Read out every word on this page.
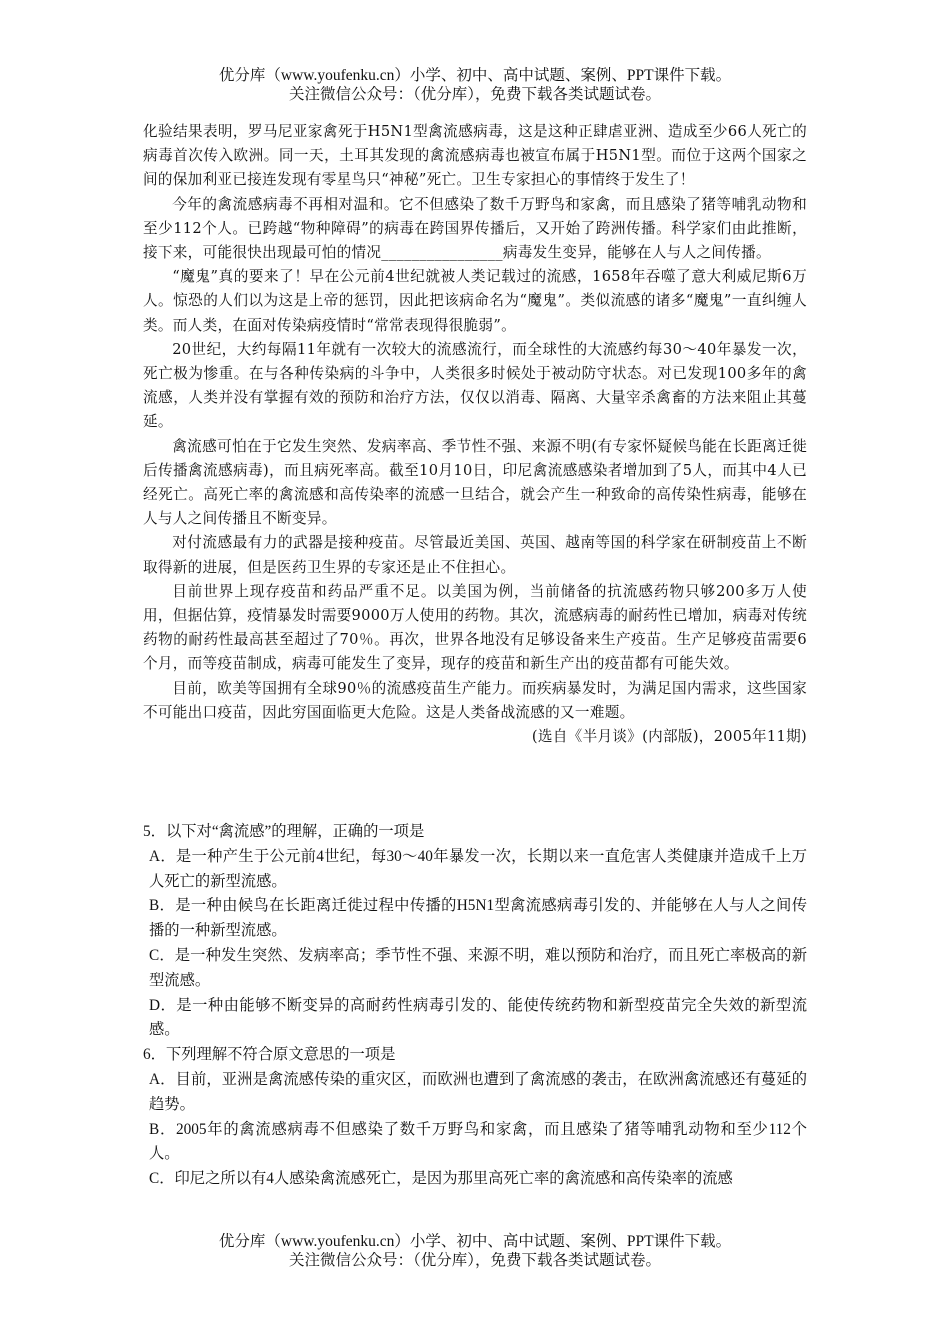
优分库（www.youfenku.cn）小学、初中、高中试题、案例、PPT课件下载。
关注微信公众号：（优分库），免费下载各类试题试卷。

化验结果表明，罗马尼亚家禽死于H5N1型禽流感病毒，这是这种正肆虐亚洲、造成至少66人死亡的病毒首次传入欧洲。同一天，土耳其发现的禽流感病毒也被宣布属于H5N1型。而位于这两个国家之间的保加利亚已接连发现有零星鸟只“神秘”死亡。卫生专家担心的事情终于发生了！

今年的禽流感病毒不再相对温和。它不但感染了数千万野鸟和家禽，而且感染了猪等哺乳动物和至少112个人。已跨越“物种障碍”的病毒在跨国界传播后，又开始了跨洲传播。科学家们由此推断，接下来，可能很快出现最可怕的情况________________病毒发生变异，能够在人与人之间传播。

“魔鬼”真的要来了！早在公元前4世纪就被人类记载过的流感，1658年吞噬了意大利威尼斯6万人。惊恐的人们以为这是上帝的惩罚，因此把该病命名为“魔鬼”。类似流感的诸多“魔鬼”一直纠缠人类。而人类，在面对传染病疫情时“常常表现得很脆弱”。

20世纪，大约每隔11年就有一次较大的流感流行，而全球性的大流感约每30～40年暴发一次，死亡极为惨重。在与各种传染病的斗争中，人类很多时候处于被动防守状态。对已发现100多年的禽流感，人类并没有掌握有效的预防和治疗方法，仅仅以消毒、隔离、大量宰杀禽畜的方法来阻止其蔓延。

禽流感可怕在于它发生突然、发病率高、季节性不强、来源不明(有专家怀疑候鸟能在长距离迁徙后传播禽流感病毒)，而且病死率高。截至10月10日，印尼禽流感感染者增加到了5人，而其中4人已经死亡。高死亡率的禽流感和高传染率的流感一旦结合，就会产生一种致命的高传染性病毒，能够在人与人之间传播且不断变异。

对付流感最有力的武器是接种疫苗。尽管最近美国、英国、越南等国的科学家在研制疫苗上不断取得新的进展，但是医药卫生界的专家还是止不住担心。

目前世界上现存疫苗和药品严重不足。以美国为例，当前储备的抗流感药物只够200多万人使用，但据估算，疫情暴发时需要9000万人使用的药物。其次，流感病毒的耐药性已增加，病毒对传统药物的耐药性最高甚至超过了70％。再次，世界各地没有足够设备来生产疫苗。生产足够疫苗需要6个月，而等疫苗制成，病毒可能发生了变异，现存的疫苗和新生产出的疫苗都有可能失效。

目前，欧美等国拥有全球90％的流感疫苗生产能力。而疾病暴发时，为满足国内需求，这些国家不可能出口疫苗，因此穷国面临更大危险。这是人类备战流感的又一难题。

(选自《半月谈》(内部版)，2005年11期)

5．以下对“禽流感”的理解，正确的一项是
A．是一种产生于公元前4世纪，每30～40年暴发一次，长期以来一直危害人类健康并造成千上万人死亡的新型流感。
B．是一种由候鸟在长距离迁徙过程中传播的H5N1型禽流感病毒引发的、并能够在人与人之间传播的一种新型流感。
C．是一种发生突然、发病率高；季节性不强、来源不明，难以预防和治疗，而且死亡率极高的新型流感。
D．是一种由能够不断变异的高耐药性病毒引发的、能使传统药物和新型疫苗完全失效的新型流感。
6．下列理解不符合原文意思的一项是
A．目前，亚洲是禽流感传染的重灾区，而欧洲也遭到了禽流感的袭击，在欧洲禽流感还有蔓延的趋势。
B．2005年的禽流感病毒不但感染了数千万野鸟和家禽，而且感染了猪等哺乳动物和至少112个人。
C．印尼之所以有4人感染禽流感死亡，是因为那里高死亡率的禽流感和高传染率的流感
优分库（www.youfenku.cn）小学、初中、高中试题、案例、PPT课件下载。
关注微信公众号：（优分库），免费下载各类试题试卷。
